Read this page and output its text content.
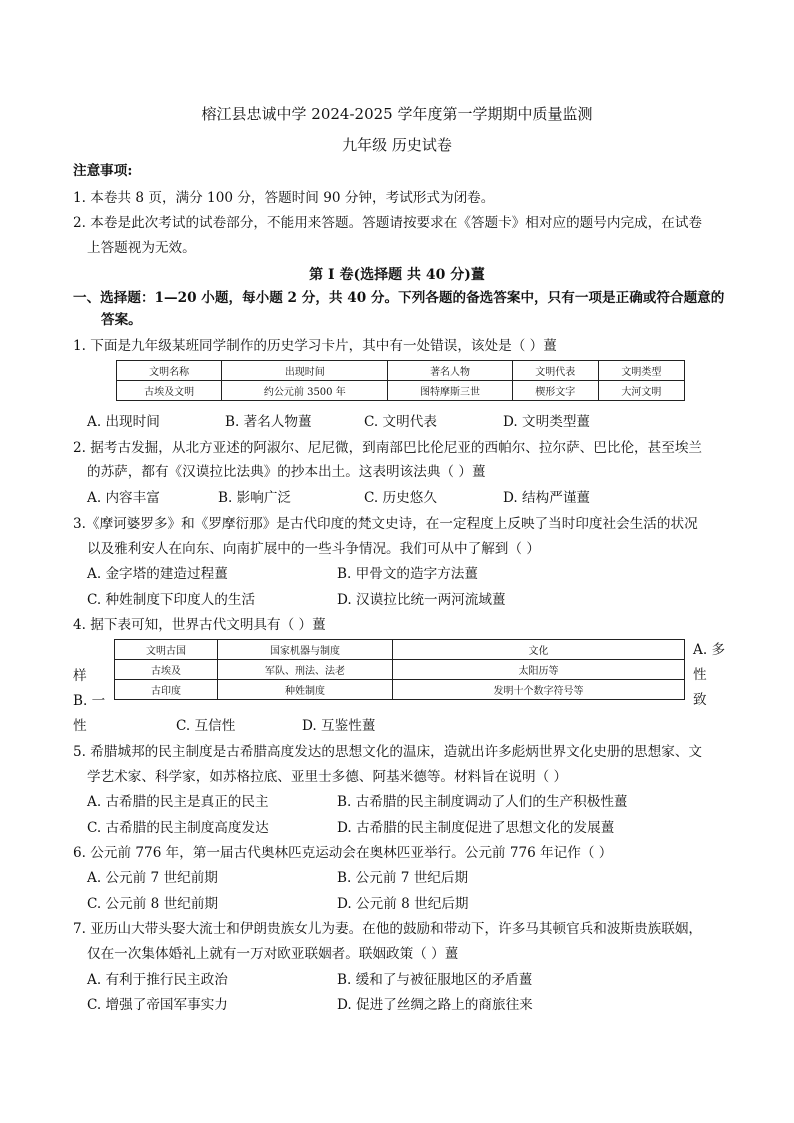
榕江县忠诚中学 2024-2025 学年度第一学期期中质量监测
九年级 历史试卷
注意事项:
1. 本卷共 8 页，满分 100 分，答题时间 90 分钟，考试形式为闭卷。
2. 本卷是此次考试的试卷部分，不能用来答题。答题请按要求在《答题卡》相对应的题号内完成，在试卷
上答题视为无效。
第 I 卷(选择题 共 40 分)薑
一、选择题：1—20 小题，每小题 2 分，共 40 分。下列各题的备选答案中，只有一项是正确或符合题意的
答案。
1. 下面是九年级某班同学制作的历史学习卡片，其中有一处错误，该处是（ ）薑
文明名称	出现时间	著名人物	文明代表	文明类型
古埃及文明	约公元前 3500 年	图特摩斯三世	楔形文字	大河文明
A. 出现时间	B. 著名人物薑	C. 文明代表	D. 文明类型薑
2. 据考古发掘，从北方亚述的阿淑尔、尼尼微，到南部巴比伦尼亚的西帕尔、拉尔萨、巴比伦，甚至埃兰
的苏萨，都有《汉谟拉比法典》的抄本出土。这表明该法典（ ）薑
A. 内容丰富	B. 影响广泛	C. 历史悠久	D. 结构严谨薑
3.《摩诃婆罗多》和《罗摩衍那》是古代印度的梵文史诗，在一定程度上反映了当时印度社会生活的状况
以及雅利安人在向东、向南扩展中的一些斗争情况。我们可从中了解到（ ）
A. 金字塔的建造过程薑	B. 甲骨文的造字方法薑
C. 种姓制度下印度人的生活	D. 汉谟拉比统一两河流域薑
4. 据下表可知，世界古代文明具有（ ）薑
文明古国	国家机器与制度	文化
古埃及	军队、刑法、法老	太阳历等
古印度	种姓制度	发明十个数字符号等
A. 多
性
致
样
B. 一
性	C. 互信性	D. 互鉴性薑
5. 希腊城邦的民主制度是古希腊高度发达的思想文化的温床，造就出许多彪炳世界文化史册的思想家、文
学艺术家、科学家，如苏格拉底、亚里士多德、阿基米德等。材料旨在说明（ ）
A. 古希腊的民主是真正的民主	B. 古希腊的民主制度调动了人们的生产积极性薑
C. 古希腊的民主制度高度发达	D. 古希腊的民主制度促进了思想文化的发展薑
6. 公元前 776 年，第一届古代奥林匹克运动会在奥林匹亚举行。公元前 776 年记作（ ）
A. 公元前 7 世纪前期	B. 公元前 7 世纪后期
C. 公元前 8 世纪前期	D. 公元前 8 世纪后期
7. 亚历山大带头娶大流士和伊朗贵族女儿为妻。在他的鼓励和带动下，许多马其顿官兵和波斯贵族联姻，
仅在一次集体婚礼上就有一万对欧亚联姻者。联姻政策（ ）薑
A. 有利于推行民主政治	B. 缓和了与被征服地区的矛盾薑
C. 增强了帝国军事实力	D. 促进了丝绸之路上的商旅往来
